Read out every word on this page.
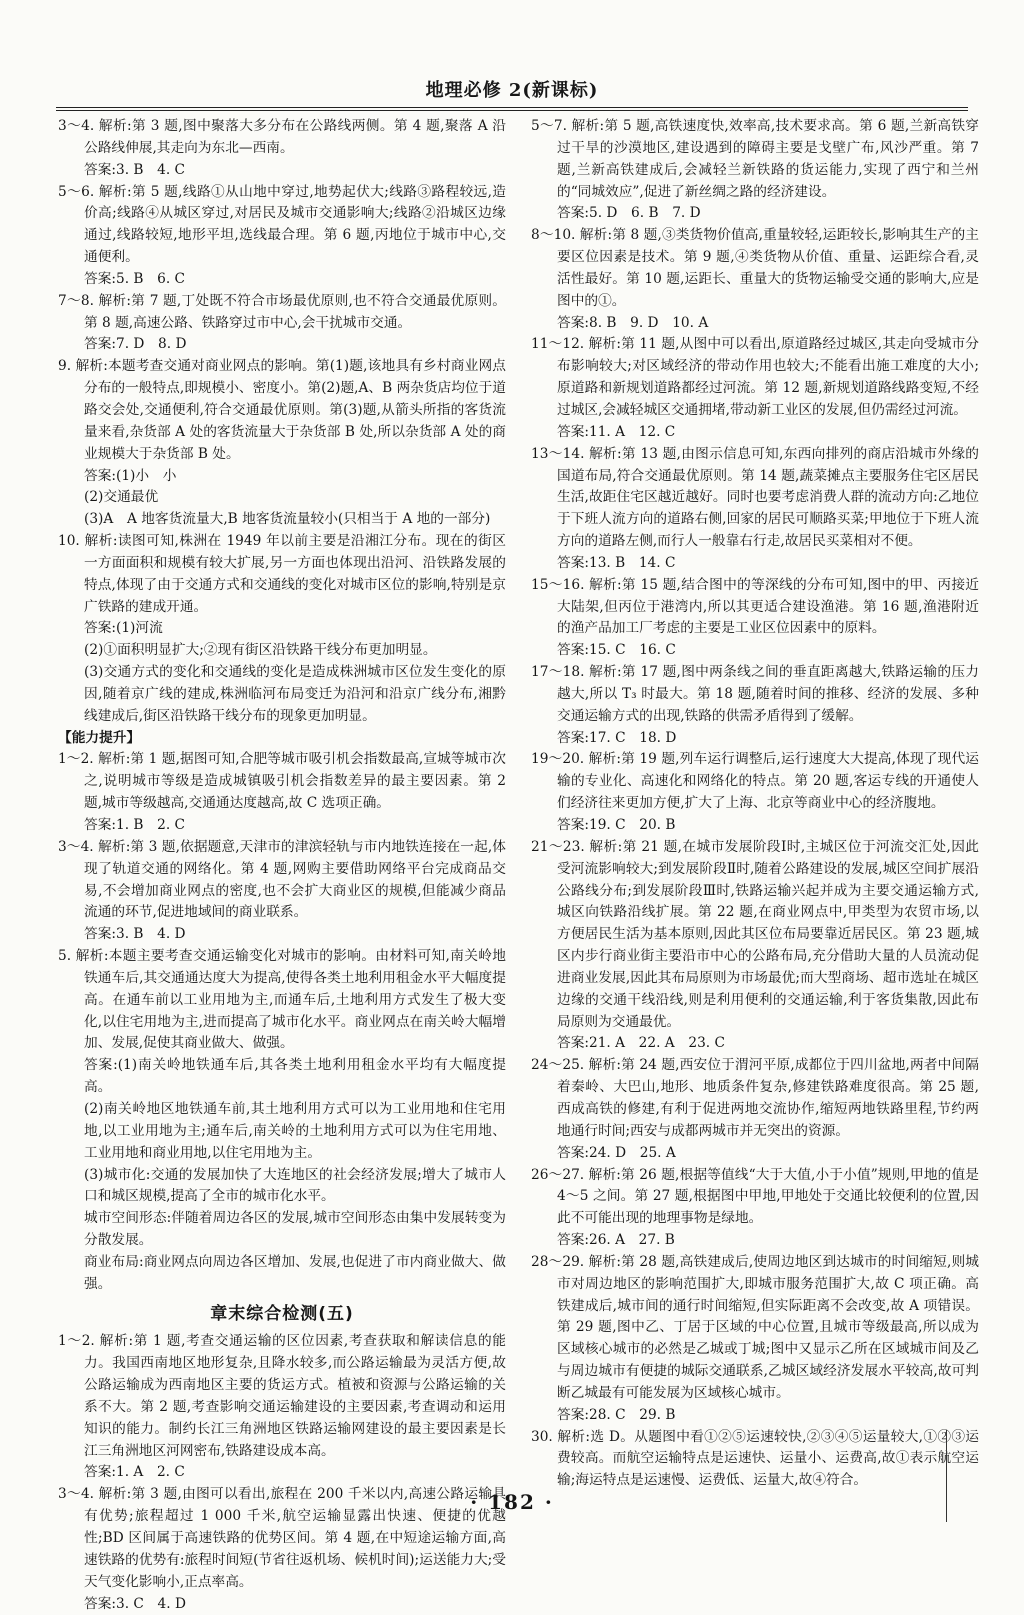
地理必修 2(新课标)

3～4. 解析:第 3 题,图中聚落大多分布在公路线两侧。第 4 题,聚落 A 沿公路线伸展,其走向为东北—西南。

答案:3. B　4. C

5～6. 解析:第 5 题,线路①从山地中穿过,地势起伏大;线路③路程较远,造价高;线路④从城区穿过,对居民及城市交通影响大;线路②沿城区边缘通过,线路较短,地形平坦,选线最合理。第 6 题,丙地位于城市中心,交通便利。

答案:5. B　6. C

7～8. 解析:第 7 题,丁处既不符合市场最优原则,也不符合交通最优原则。第 8 题,高速公路、铁路穿过市中心,会干扰城市交通。

答案:7. D　8. D

9. 解析:本题考查交通对商业网点的影响。第(1)题,该地具有乡村商业网点分布的一般特点,即规模小、密度小。第(2)题,A、B 两杂货店均位于道路交会处,交通便利,符合交通最优原则。第(3)题,从箭头所指的客货流量来看,杂货部 A 处的客货流量大于杂货部 B 处,所以杂货部 A 处的商业规模大于杂货部 B 处。

答案:(1)小　小

(2)交通最优

(3)A　A 地客货流量大,B 地客货流量较小(只相当于 A 地的一部分)

10. 解析:读图可知,株洲在 1949 年以前主要是沿湘江分布。现在的街区一方面面积和规模有较大扩展,另一方面也体现出沿河、沿铁路发展的特点,体现了由于交通方式和交通线的变化对城市区位的影响,特别是京广铁路的建成开通。

答案:(1)河流

(2)①面积明显扩大;②现有街区沿铁路干线分布更加明显。

(3)交通方式的变化和交通线的变化是造成株洲城市区位发生变化的原因,随着京广线的建成,株洲临河布局变迁为沿河和沿京广线分布,湘黔线建成后,街区沿铁路干线分布的现象更加明显。

【能力提升】

1～2. 解析:第 1 题,据图可知,合肥等城市吸引机会指数最高,宣城等城市次之,说明城市等级是造成城镇吸引机会指数差异的最主要因素。第 2 题,城市等级越高,交通通达度越高,故 C 选项正确。

答案:1. B　2. C

3～4. 解析:第 3 题,依据题意,天津市的津滨轻轨与市内地铁连接在一起,体现了轨道交通的网络化。第 4 题,网购主要借助网络平台完成商品交易,不会增加商业网点的密度,也不会扩大商业区的规模,但能减少商品流通的环节,促进地域间的商业联系。

答案:3. B　4. D

5. 解析:本题主要考查交通运输变化对城市的影响。由材料可知,南关岭地铁通车后,其交通通达度大为提高,使得各类土地利用租金水平大幅度提高。在通车前以工业用地为主,而通车后,土地利用方式发生了极大变化,以住宅用地为主,进而提高了城市化水平。商业网点在南关岭大幅增加、发展,促使其商业做大、做强。

答案:(1)南关岭地铁通车后,其各类土地利用租金水平均有大幅度提高。

(2)南关岭地区地铁通车前,其土地利用方式可以为工业用地和住宅用地,以工业用地为主;通车后,南关岭的土地利用方式可以为住宅用地、工业用地和商业用地,以住宅用地为主。

(3)城市化:交通的发展加快了大连地区的社会经济发展;增大了城市人口和城区规模,提高了全市的城市化水平。

城市空间形态:伴随着周边各区的发展,城市空间形态由集中发展转变为分散发展。

商业布局:商业网点向周边各区增加、发展,也促进了市内商业做大、做强。

章末综合检测(五)

1～2. 解析:第 1 题,考查交通运输的区位因素,考查获取和解读信息的能力。我国西南地区地形复杂,且降水较多,而公路运输最为灵活方便,故公路运输成为西南地区主要的货运方式。植被和资源与公路运输的关系不大。第 2 题,考查影响交通运输建设的主要因素,考查调动和运用知识的能力。制约长江三角洲地区铁路运输网建设的最主要因素是长江三角洲地区河网密布,铁路建设成本高。

答案:1. A　2. C

3～4. 解析:第 3 题,由图可以看出,旅程在 200 千米以内,高速公路运输具有优势;旅程超过 1 000 千米,航空运输显露出快速、便捷的优越性;BD 区间属于高速铁路的优势区间。第 4 题,在中短途运输方面,高速铁路的优势有:旅程时间短(节省往返机场、候机时间);运送能力大;受天气变化影响小,正点率高。

答案:3. C　4. D

5～7. 解析:第 5 题,高铁速度快,效率高,技术要求高。第 6 题,兰新高铁穿过干旱的沙漠地区,建设遇到的障碍主要是戈壁广布,风沙严重。第 7 题,兰新高铁建成后,会减轻兰新铁路的货运能力,实现了西宁和兰州的“同城效应”,促进了新丝绸之路的经济建设。

答案:5. D　6. B　7. D

8～10. 解析:第 8 题,③类货物价值高,重量较轻,运距较长,影响其生产的主要区位因素是技术。第 9 题,④类货物从价值、重量、运距综合看,灵活性最好。第 10 题,运距长、重量大的货物运输受交通的影响大,应是图中的①。

答案:8. B　9. D　10. A

11～12. 解析:第 11 题,从图中可以看出,原道路经过城区,其走向受城市分布影响较大;对区域经济的带动作用也较大;不能看出施工难度的大小;原道路和新规划道路都经过河流。第 12 题,新规划道路线路变短,不经过城区,会减轻城区交通拥堵,带动新工业区的发展,但仍需经过河流。

答案:11. A　12. C

13～14. 解析:第 13 题,由图示信息可知,东西向排列的商店沿城市外缘的国道布局,符合交通最优原则。第 14 题,蔬菜摊点主要服务住宅区居民生活,故距住宅区越近越好。同时也要考虑消费人群的流动方向:乙地位于下班人流方向的道路右侧,回家的居民可顺路买菜;甲地位于下班人流方向的道路左侧,而行人一般靠右行走,故居民买菜相对不便。

答案:13. B　14. C

15～16. 解析:第 15 题,结合图中的等深线的分布可知,图中的甲、丙接近大陆架,但丙位于港湾内,所以其更适合建设渔港。第 16 题,渔港附近的渔产品加工厂考虑的主要是工业区位因素中的原料。

答案:15. C　16. C

17～18. 解析:第 17 题,图中两条线之间的垂直距离越大,铁路运输的压力越大,所以 T₃ 时最大。第 18 题,随着时间的推移、经济的发展、多种交通运输方式的出现,铁路的供需矛盾得到了缓解。

答案:17. C　18. D

19～20. 解析:第 19 题,列车运行调整后,运行速度大大提高,体现了现代运输的专业化、高速化和网络化的特点。第 20 题,客运专线的开通使人们经济往来更加方便,扩大了上海、北京等商业中心的经济腹地。

答案:19. C　20. B

21～23. 解析:第 21 题,在城市发展阶段Ⅰ时,主城区位于河流交汇处,因此受河流影响较大;到发展阶段Ⅱ时,随着公路建设的发展,城区空间扩展沿公路线分布;到发展阶段Ⅲ时,铁路运输兴起并成为主要交通运输方式,城区向铁路沿线扩展。第 22 题,在商业网点中,甲类型为农贸市场,以方便居民生活为基本原则,因此其区位布局要靠近居民区。第 23 题,城区内步行商业街主要沿市中心的公路布局,充分借助大量的人员流动促进商业发展,因此其布局原则为市场最优;而大型商场、超市选址在城区边缘的交通干线沿线,则是利用便利的交通运输,利于客货集散,因此布局原则为交通最优。

答案:21. A　22. A　23. C

24～25. 解析:第 24 题,西安位于渭河平原,成都位于四川盆地,两者中间隔着秦岭、大巴山,地形、地质条件复杂,修建铁路难度很高。第 25 题,西成高铁的修建,有利于促进两地交流协作,缩短两地铁路里程,节约两地通行时间;西安与成都两城市并无突出的资源。

答案:24. D　25. A

26～27. 解析:第 26 题,根据等值线“大于大值,小于小值”规则,甲地的值是 4～5 之间。第 27 题,根据图中甲地,甲地处于交通比较便利的位置,因此不可能出现的地理事物是绿地。

答案:26. A　27. B

28～29. 解析:第 28 题,高铁建成后,使周边地区到达城市的时间缩短,则城市对周边地区的影响范围扩大,即城市服务范围扩大,故 C 项正确。高铁建成后,城市间的通行时间缩短,但实际距离不会改变,故 A 项错误。第 29 题,图中乙、丁居于区域的中心位置,且城市等级最高,所以成为区域核心城市的必然是乙城或丁城;图中又显示乙所在区域城市间及乙与周边城市有便捷的城际交通联系,乙城区域经济发展水平较高,故可判断乙城最有可能发展为区域核心城市。

答案:28. C　29. B

30. 解析:选 D。从题图中看①②⑤运速较快,②③④⑤运量较大,①②③运费较高。而航空运输特点是运速快、运量小、运费高,故①表示航空运输;海运特点是运速慢、运费低、运量大,故④符合。

· 182 ·
